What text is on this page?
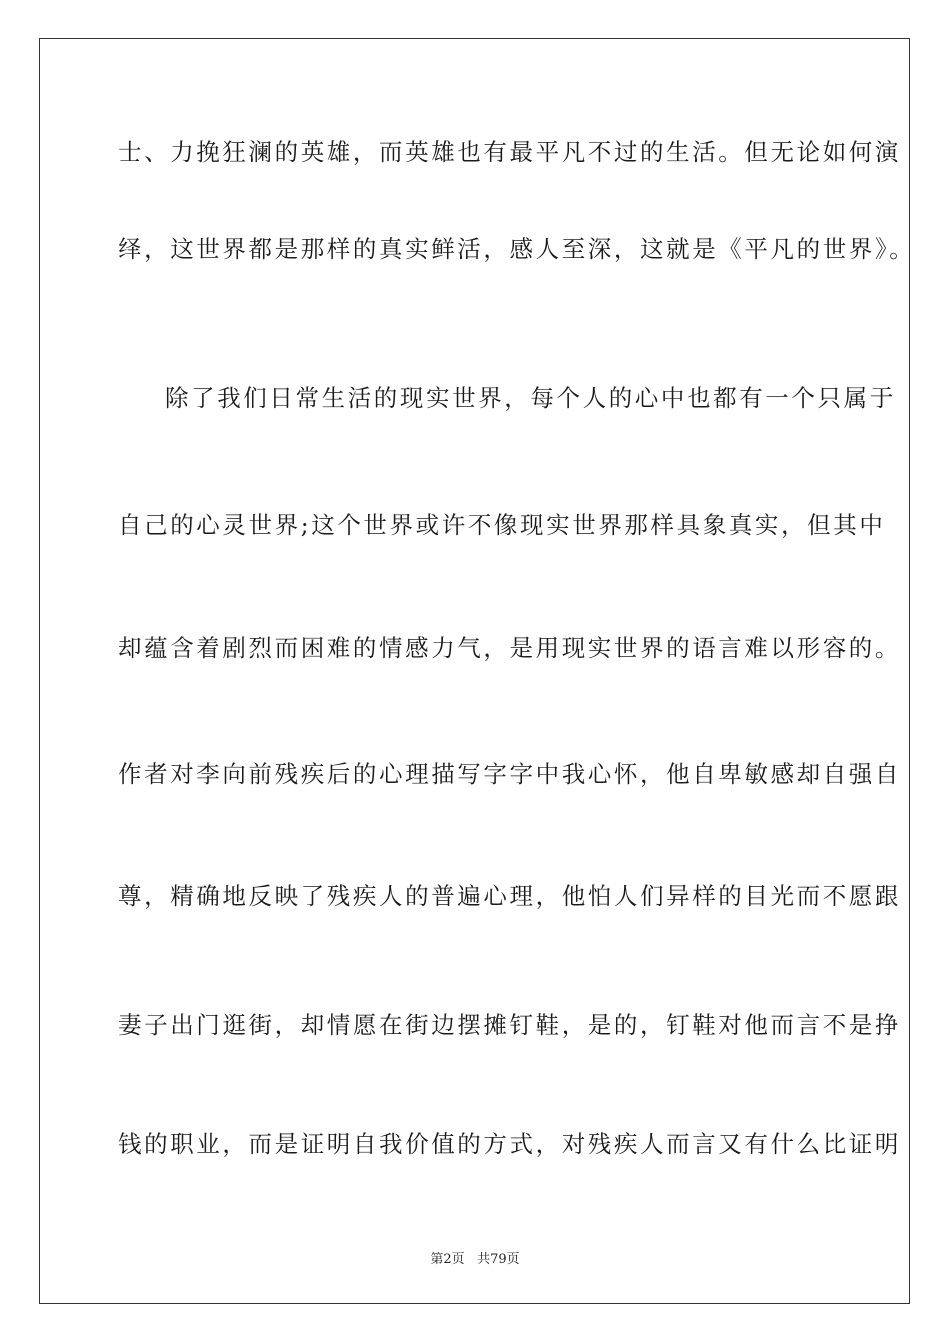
士、力挽狂澜的英雄，而英雄也有最平凡不过的生活。但无论如何演
绎，这世界都是那样的真实鲜活，感人至深，这就是《平凡的世界》。
除了我们日常生活的现实世界，每个人的心中也都有一个只属于
自己的心灵世界;这个世界或许不像现实世界那样具象真实，但其中
却蕴含着剧烈而困难的情感力气，是用现实世界的语言难以形容的。
作者对李向前残疾后的心理描写字字中我心怀，他自卑敏感却自强自
尊，精确地反映了残疾人的普遍心理，他怕人们异样的目光而不愿跟
妻子出门逛街，却情愿在街边摆摊钉鞋，是的，钉鞋对他而言不是挣
钱的职业，而是证明自我价值的方式，对残疾人而言又有什么比证明
第2页 共79页
